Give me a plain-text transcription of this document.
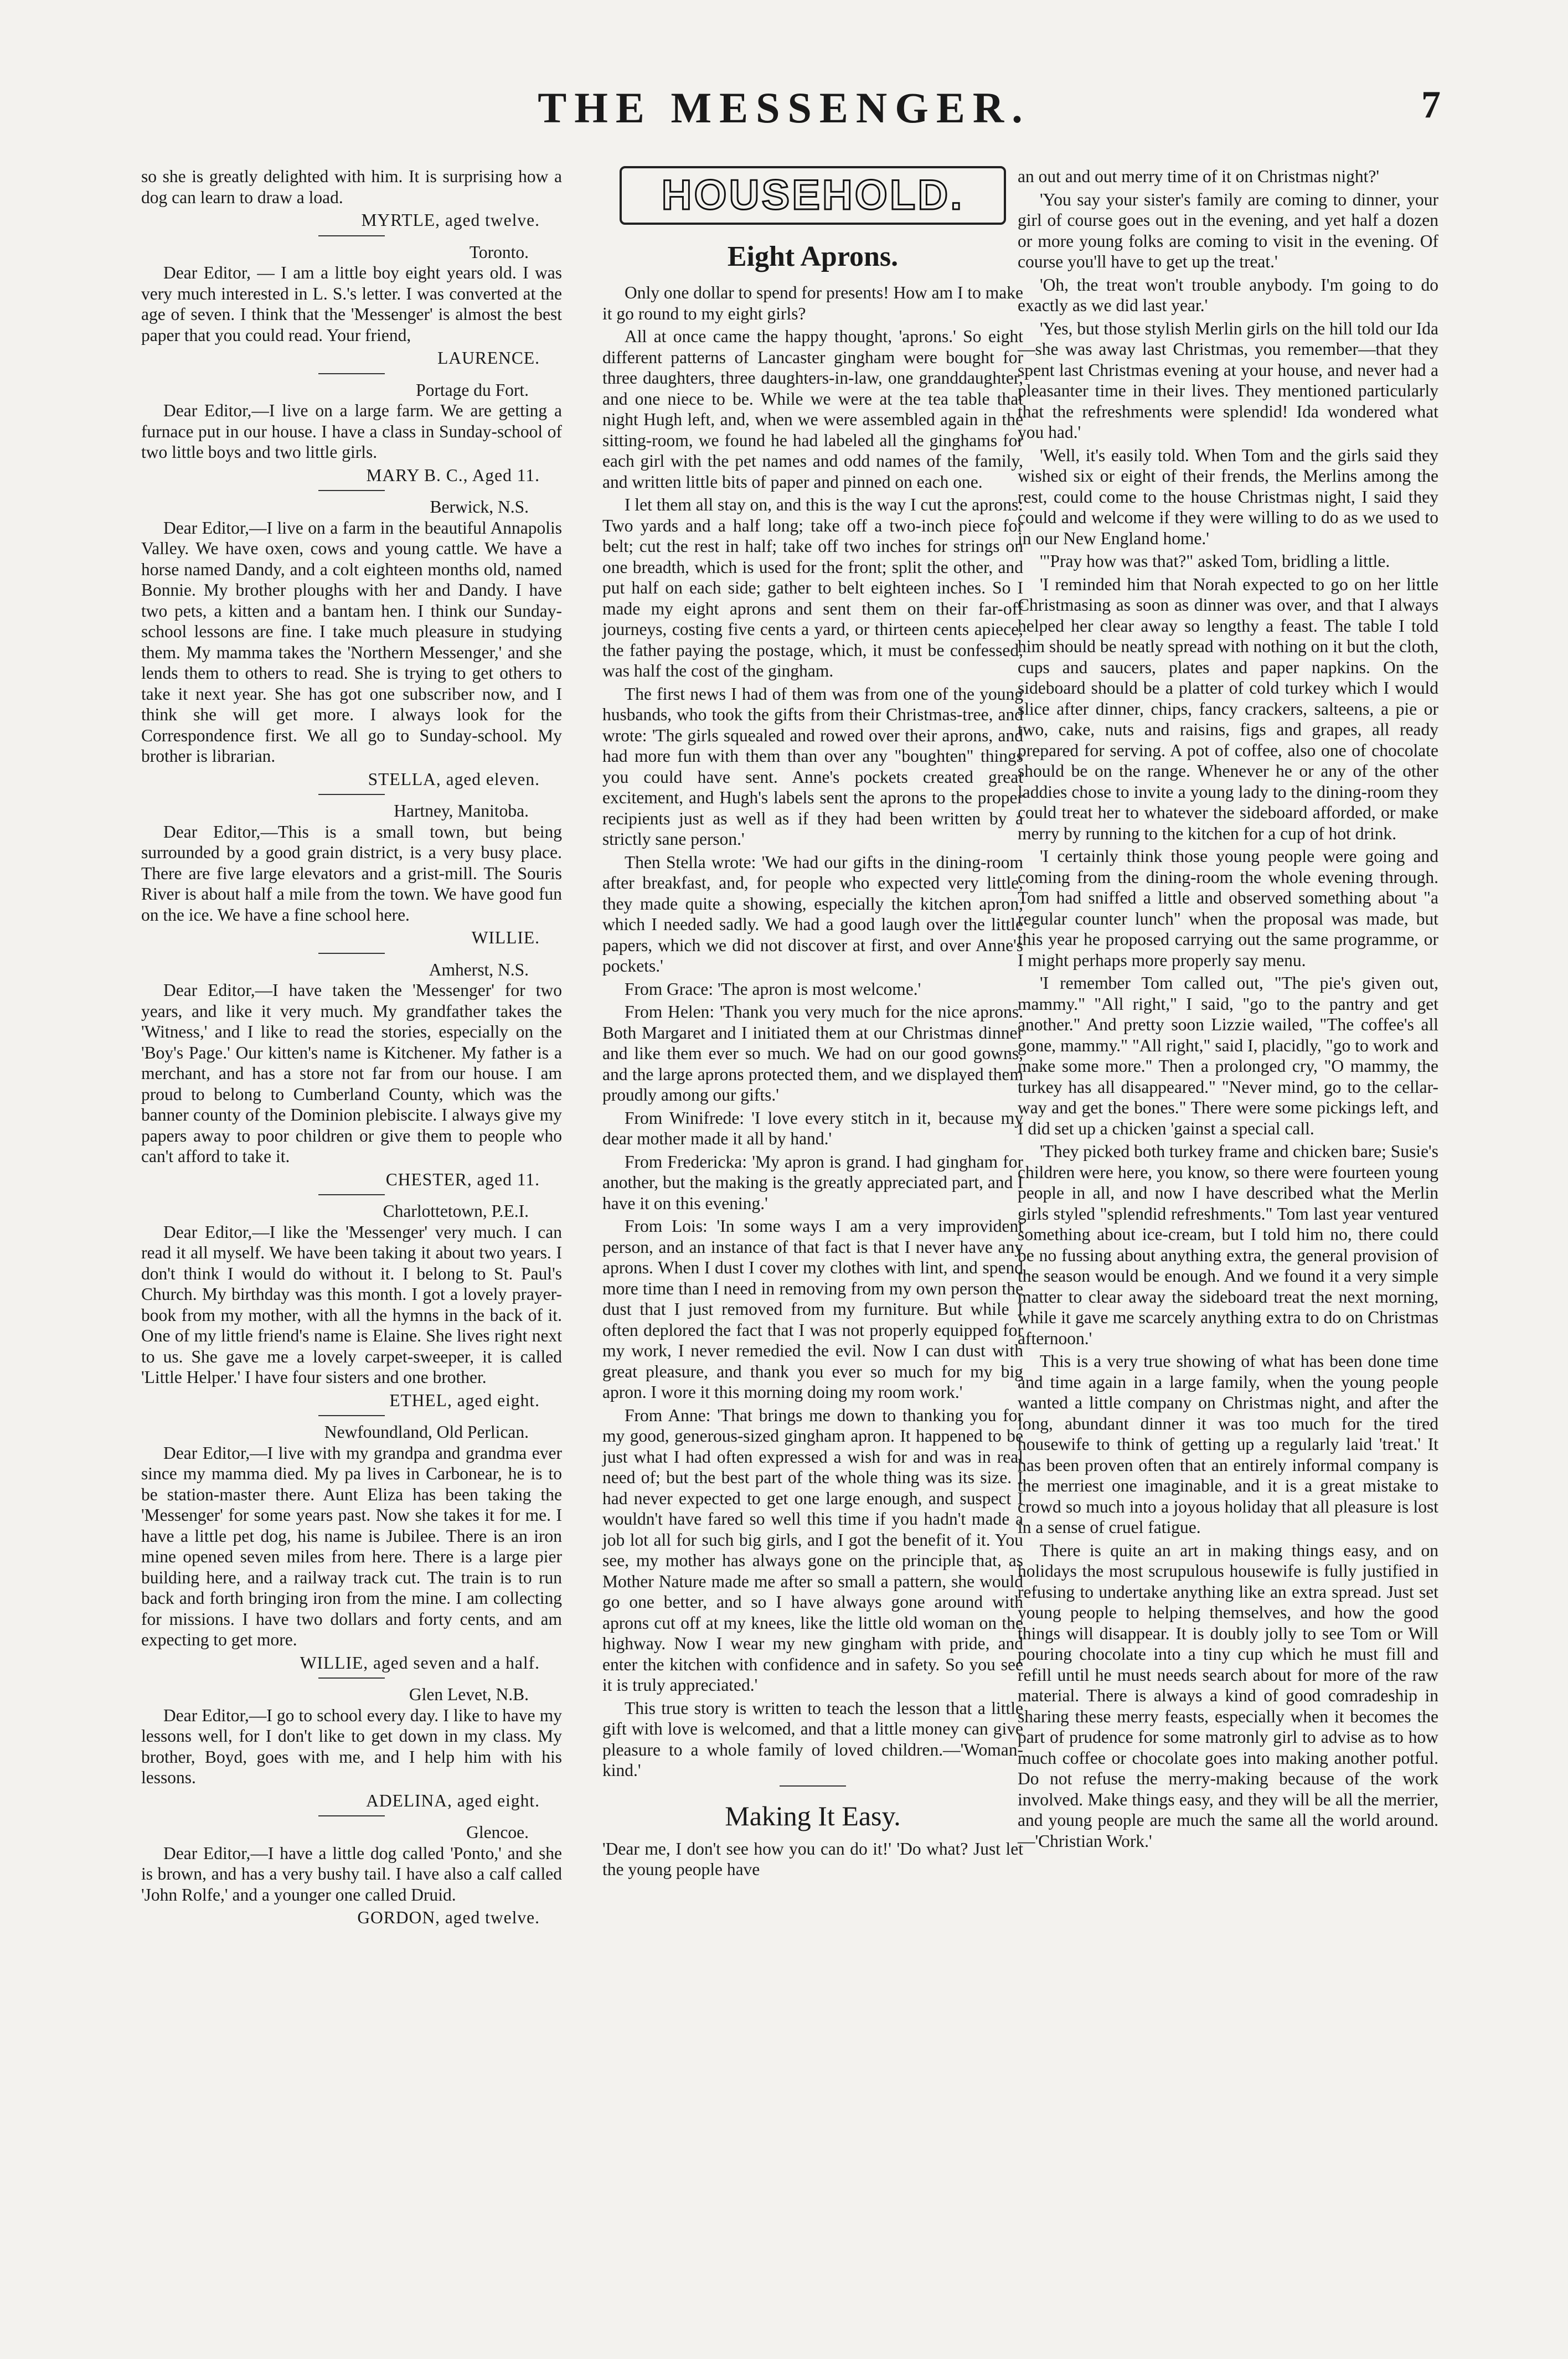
THE MESSENGER.	7

so she is greatly delighted with him. It is surprising how a dog can learn to draw a load.

MYRTLE, aged twelve.
Toronto.

Dear Editor, — I am a little boy eight years old. I was very much interested in L. S.'s letter. I was converted at the age of seven. I think that the 'Messenger' is almost the best paper that you could read. Your friend,

LAURENCE.
Portage du Fort.

Dear Editor,—I live on a large farm. We are getting a furnace put in our house. I have a class in Sunday-school of two little boys and two little girls.

MARY B. C., Aged 11.
Berwick, N.S.

Dear Editor,—I live on a farm in the beautiful Annapolis Valley. We have oxen, cows and young cattle. We have a horse named Dandy, and a colt eighteen months old, named Bonnie. My brother ploughs with her and Dandy. I have two pets, a kitten and a bantam hen. I think our Sunday-school lessons are fine. I take much pleasure in studying them. My mamma takes the 'Northern Messenger,' and she lends them to others to read. She is trying to get others to take it next year. She has got one subscriber now, and I think she will get more. I always look for the Correspondence first. We all go to Sunday-school. My brother is librarian.

STELLA, aged eleven.
Hartney, Manitoba.

Dear Editor,—This is a small town, but being surrounded by a good grain district, is a very busy place. There are five large elevators and a grist-mill. The Souris River is about half a mile from the town. We have good fun on the ice. We have a fine school here.

WILLIE.
Amherst, N.S.

Dear Editor,—I have taken the 'Messenger' for two years, and like it very much. My grandfather takes the 'Witness,' and I like to read the stories, especially on the 'Boy's Page.' Our kitten's name is Kitchener. My father is a merchant, and has a store not far from our house. I am proud to belong to Cumberland County, which was the banner county of the Dominion plebiscite. I always give my papers away to poor children or give them to people who can't afford to take it.

CHESTER, aged 11.
Charlottetown, P.E.I.

Dear Editor,—I like the 'Messenger' very much. I can read it all myself. We have been taking it about two years. I don't think I would do without it. I belong to St. Paul's Church. My birthday was this month. I got a lovely prayer-book from my mother, with all the hymns in the back of it. One of my little friend's name is Elaine. She lives right next to us. She gave me a lovely carpet-sweeper, it is called 'Little Helper.' I have four sisters and one brother.

ETHEL, aged eight.
Newfoundland, Old Perlican.

Dear Editor,—I live with my grandpa and grandma ever since my mamma died. My pa lives in Carbonear, he is to be station-master there. Aunt Eliza has been taking the 'Messenger' for some years past. Now she takes it for me. I have a little pet dog, his name is Jubilee. There is an iron mine opened seven miles from here. There is a large pier building here, and a railway track cut. The train is to run back and forth bringing iron from the mine. I am collecting for missions. I have two dollars and forty cents, and am expecting to get more.

WILLIE, aged seven and a half.
Glen Levet, N.B.

Dear Editor,—I go to school every day. I like to have my lessons well, for I don't like to get down in my class. My brother, Boyd, goes with me, and I help him with his lessons.

ADELINA, aged eight.
Glencoe.

Dear Editor,—I have a little dog called 'Ponto,' and she is brown, and has a very bushy tail. I have also a calf called 'John Rolfe,' and a younger one called Druid.

GORDON, aged twelve.
HOUSEHOLD.
Eight Aprons.

Only one dollar to spend for presents! How am I to make it go round to my eight girls?

All at once came the happy thought, 'aprons.' So eight different patterns of Lancaster gingham were bought for three daughters, three daughters-in-law, one granddaughter, and one niece to be. While we were at the tea table that night Hugh left, and, when we were assembled again in the sitting-room, we found he had labeled all the ginghams for each girl with the pet names and odd names of the family, and written little bits of paper and pinned on each one.

I let them all stay on, and this is the way I cut the aprons: Two yards and a half long; take off a two-inch piece for belt; cut the rest in half; take off two inches for strings on one breadth, which is used for the front; split the other, and put half on each side; gather to belt eighteen inches. So I made my eight aprons and sent them on their far-off journeys, costing five cents a yard, or thirteen cents apiece, the father paying the postage, which, it must be confessed, was half the cost of the gingham.

The first news I had of them was from one of the young husbands, who took the gifts from their Christmas-tree, and wrote: 'The girls squealed and rowed over their aprons, and had more fun with them than over any "boughten" things you could have sent. Anne's pockets created great excitement, and Hugh's labels sent the aprons to the proper recipients just as well as if they had been written by a strictly sane person.'

Then Stella wrote: 'We had our gifts in the dining-room after breakfast, and, for people who expected very little, they made quite a showing, especially the kitchen apron, which I needed sadly. We had a good laugh over the little papers, which we did not discover at first, and over Anne's pockets.'

From Grace: 'The apron is most welcome.'

From Helen: 'Thank you very much for the nice aprons. Both Margaret and I initiated them at our Christmas dinner and like them ever so much. We had on our good gowns, and the large aprons protected them, and we displayed them proudly among our gifts.'

From Winifrede: 'I love every stitch in it, because my dear mother made it all by hand.'

From Fredericka: 'My apron is grand. I had gingham for another, but the making is the greatly appreciated part, and I have it on this evening.'

From Lois: 'In some ways I am a very improvident person, and an instance of that fact is that I never have any aprons. When I dust I cover my clothes with lint, and spend more time than I need in removing from my own person the dust that I just removed from my furniture. But while I often deplored the fact that I was not properly equipped for my work, I never remedied the evil. Now I can dust with great pleasure, and thank you ever so much for my big apron. I wore it this morning doing my room work.'

From Anne: 'That brings me down to thanking you for my good, generous-sized gingham apron. It happened to be just what I had often expressed a wish for and was in real need of; but the best part of the whole thing was its size. I had never expected to get one large enough, and suspect I wouldn't have fared so well this time if you hadn't made a job lot all for such big girls, and I got the benefit of it. You see, my mother has always gone on the principle that, as Mother Nature made me after so small a pattern, she would go one better, and so I have always gone around with aprons cut off at my knees, like the little old woman on the highway. Now I wear my new gingham with pride, and enter the kitchen with confidence and in safety. So you see it is truly appreciated.'

This true story is written to teach the lesson that a little gift with love is welcomed, and that a little money can give pleasure to a whole family of loved children.—'Woman-kind.'

Making It Easy.

'Dear me, I don't see how you can do it!' 'Do what? Just let the young people have

an out and out merry time of it on Christmas night?'

'You say your sister's family are coming to dinner, your girl of course goes out in the evening, and yet half a dozen or more young folks are coming to visit in the evening. Of course you'll have to get up the treat.'

'Oh, the treat won't trouble anybody. I'm going to do exactly as we did last year.'

'Yes, but those stylish Merlin girls on the hill told our Ida—she was away last Christmas, you remember—that they spent last Christmas evening at your house, and never had a pleasanter time in their lives. They mentioned particularly that the refreshments were splendid! Ida wondered what you had.'

'Well, it's easily told. When Tom and the girls said they wished six or eight of their frends, the Merlins among the rest, could come to the house Christmas night, I said they could and welcome if they were willing to do as we used to in our New England home.'

'"Pray how was that?" asked Tom, bridling a little.

'I reminded him that Norah expected to go on her little Christmasing as soon as dinner was over, and that I always helped her clear away so lengthy a feast. The table I told him should be neatly spread with nothing on it but the cloth, cups and saucers, plates and paper napkins. On the sideboard should be a platter of cold turkey which I would slice after dinner, chips, fancy crackers, salteens, a pie or two, cake, nuts and raisins, figs and grapes, all ready prepared for serving. A pot of coffee, also one of chocolate should be on the range. Whenever he or any of the other laddies chose to invite a young lady to the dining-room they could treat her to whatever the sideboard afforded, or make merry by running to the kitchen for a cup of hot drink.

'I certainly think those young people were going and coming from the dining-room the whole evening through. Tom had sniffed a little and observed something about "a regular counter lunch" when the proposal was made, but this year he proposed carrying out the same programme, or I might perhaps more properly say menu.

'I remember Tom called out, "The pie's given out, mammy." "All right," I said, "go to the pantry and get another." And pretty soon Lizzie wailed, "The coffee's all gone, mammy." "All right," said I, placidly, "go to work and make some more." Then a prolonged cry, "O mammy, the turkey has all disappeared." "Never mind, go to the cellar-way and get the bones." There were some pickings left, and I did set up a chicken 'gainst a special call.

'They picked both turkey frame and chicken bare; Susie's children were here, you know, so there were fourteen young people in all, and now I have described what the Merlin girls styled "splendid refreshments." Tom last year ventured something about ice-cream, but I told him no, there could be no fussing about anything extra, the general provision of the season would be enough. And we found it a very simple matter to clear away the sideboard treat the next morning, while it gave me scarcely anything extra to do on Christmas afternoon.'

This is a very true showing of what has been done time and time again in a large family, when the young people wanted a little company on Christmas night, and after the long, abundant dinner it was too much for the tired housewife to think of getting up a regularly laid 'treat.' It has been proven often that an entirely informal company is the merriest one imaginable, and it is a great mistake to crowd so much into a joyous holiday that all pleasure is lost in a sense of cruel fatigue.

There is quite an art in making things easy, and on holidays the most scrupulous housewife is fully justified in refusing to undertake anything like an extra spread. Just set young people to helping themselves, and how the good things will disappear. It is doubly jolly to see Tom or Will pouring chocolate into a tiny cup which he must fill and refill until he must needs search about for more of the raw material. There is always a kind of good comradeship in sharing these merry feasts, especially when it becomes the part of prudence for some matronly girl to advise as to how much coffee or chocolate goes into making another potful. Do not refuse the merry-making because of the work involved. Make things easy, and they will be all the merrier, and young people are much the same all the world around.—'Christian Work.'
